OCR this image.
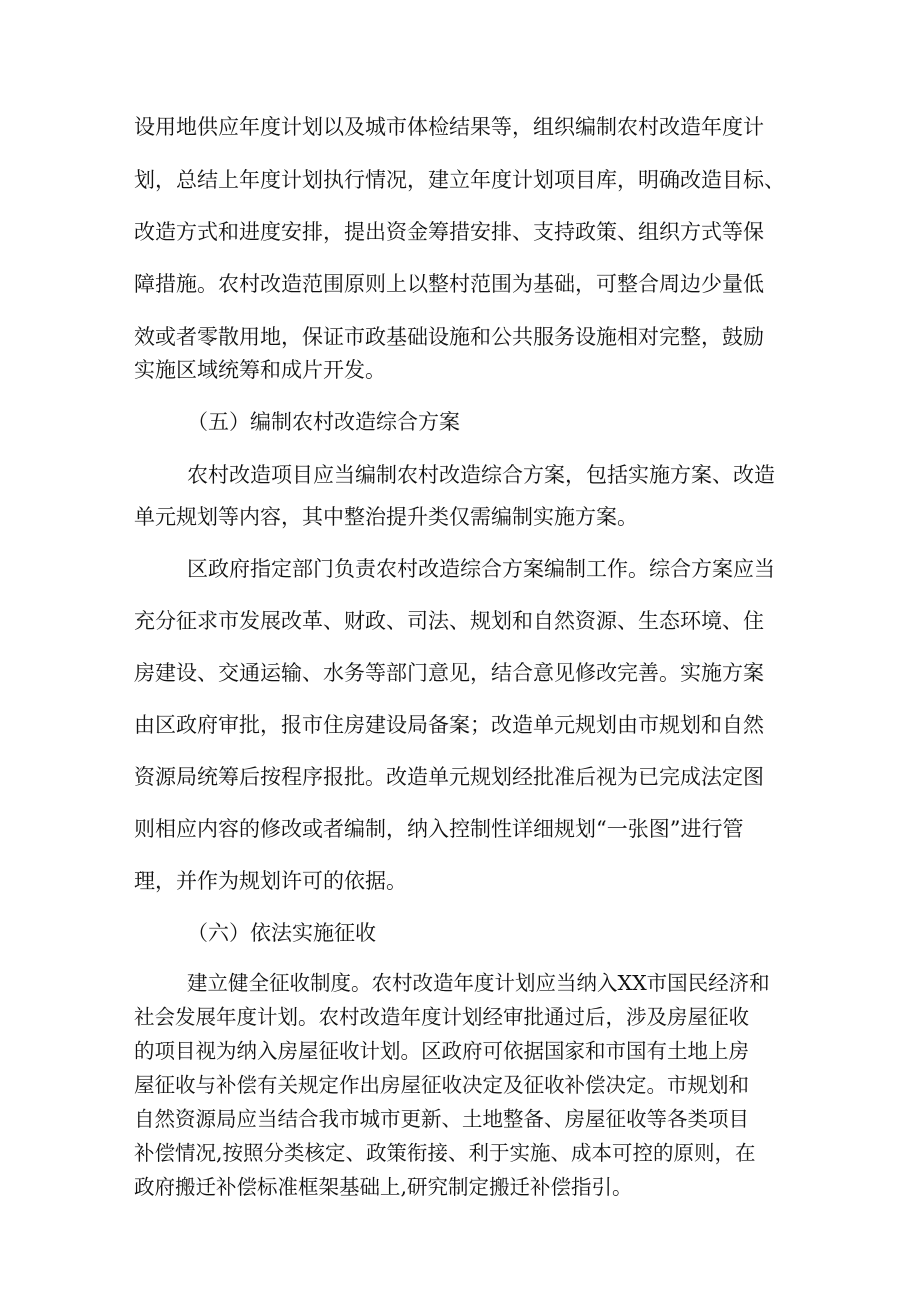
设用地供应年度计划以及城市体检结果等，组织编制农村改造年度计
划，总结上年度计划执行情况，建立年度计划项目库，明确改造目标、
改造方式和进度安排，提出资金筹措安排、支持政策、组织方式等保
障措施。农村改造范围原则上以整村范围为基础，可整合周边少量低
效或者零散用地，保证市政基础设施和公共服务设施相对完整，鼓励
实施区域统筹和成片开发。
（五）编制农村改造综合方案
农村改造项目应当编制农村改造综合方案，包括实施方案、改造
单元规划等内容，其中整治提升类仅需编制实施方案。
区政府指定部门负责农村改造综合方案编制工作。综合方案应当
充分征求市发展改革、财政、司法、规划和自然资源、生态环境、住
房建设、交通运输、水务等部门意见，结合意见修改完善。实施方案
由区政府审批，报市住房建设局备案；改造单元规划由市规划和自然
资源局统筹后按程序报批。改造单元规划经批准后视为已完成法定图
则相应内容的修改或者编制，纳入控制性详细规划“一张图”进行管
理，并作为规划许可的依据。
（六）依法实施征收
建立健全征收制度。农村改造年度计划应当纳入XX市国民经济和
社会发展年度计划。农村改造年度计划经审批通过后，涉及房屋征收
的项目视为纳入房屋征收计划。区政府可依据国家和市国有土地上房
屋征收与补偿有关规定作出房屋征收决定及征收补偿决定。市规划和
自然资源局应当结合我市城市更新、土地整备、房屋征收等各类项目
补偿情况,按照分类核定、政策衔接、利于实施、成本可控的原则，在
政府搬迁补偿标准框架基础上,研究制定搬迁补偿指引。
